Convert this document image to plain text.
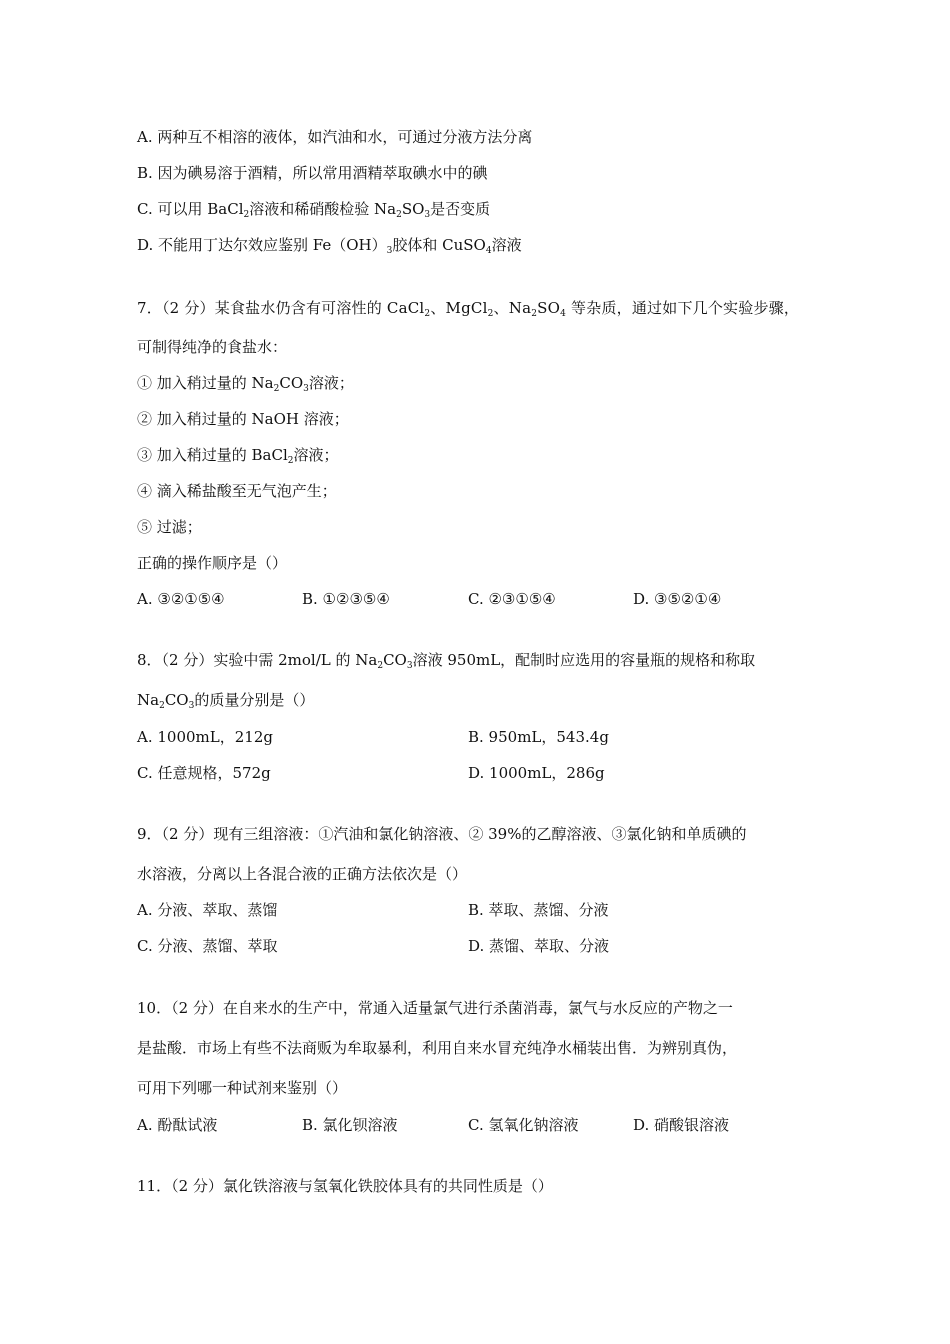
A. 两种互不相溶的液体，如汽油和水，可通过分液方法分离
B. 因为碘易溶于酒精，所以常用酒精萃取碘水中的碘
C. 可以用 BaCl$_2$溶液和稀硝酸检验 $Na_2SO_3$是否变质
D. 不能用丁达尔效应鉴别 $Fe(OH)_3$胶体和 CuSO$_4$溶液
7．（2 分）某食盐水仍含有可溶性的 CaCl$_2$、MgCl$_2$、$Na_2SO_4$ 等杂质，通过如下几个实验步骤，
可制得纯净的食盐水：
① 加入稍过量的 $Na_2CO_3$溶液；
② 加入稍过量的 NaOH 溶液；
③ 加入稍过量的 BaCl$_2$溶液；
④ 滴入稀盐酸至无气泡产生；
⑤ 过滤；
正确的操作顺序是（）
A. ③②①⑤④	B. ①②③⑤④	C. ②③①⑤④	D. ③⑤②①④
8．（2 分）实验中需 2mol/L 的 $Na_2CO_3$溶液 950mL，配制时应选用的容量瓶的规格和称取
$Na_2CO_3$的质量分别是（）
A. 1000mL，212g	B. 950mL，543.4g
C. 任意规格，572g	D. 1000mL，286g
9．（2 分）现有三组溶液：①汽油和氯化钠溶液、② 39%的乙醇溶液、③氯化钠和单质碘的
水溶液，分离以上各混合液的正确方法依次是（）
A. 分液、萃取、蒸馏	B. 萃取、蒸馏、分液
C. 分液、蒸馏、萃取	D. 蒸馏、萃取、分液
10．（2 分）在自来水的生产中，常通入适量氯气进行杀菌消毒，氯气与水反应的产物之一
是盐酸．市场上有些不法商贩为牟取暴利，利用自来水冒充纯净水桶装出售．为辨别真伪，
可用下列哪一种试剂来鉴别（）
A. 酚酞试液	B. 氯化钡溶液	C. 氢氧化钠溶液	D. 硝酸银溶液
11．（2 分）氯化铁溶液与氢氧化铁胶体具有的共同性质是（）
